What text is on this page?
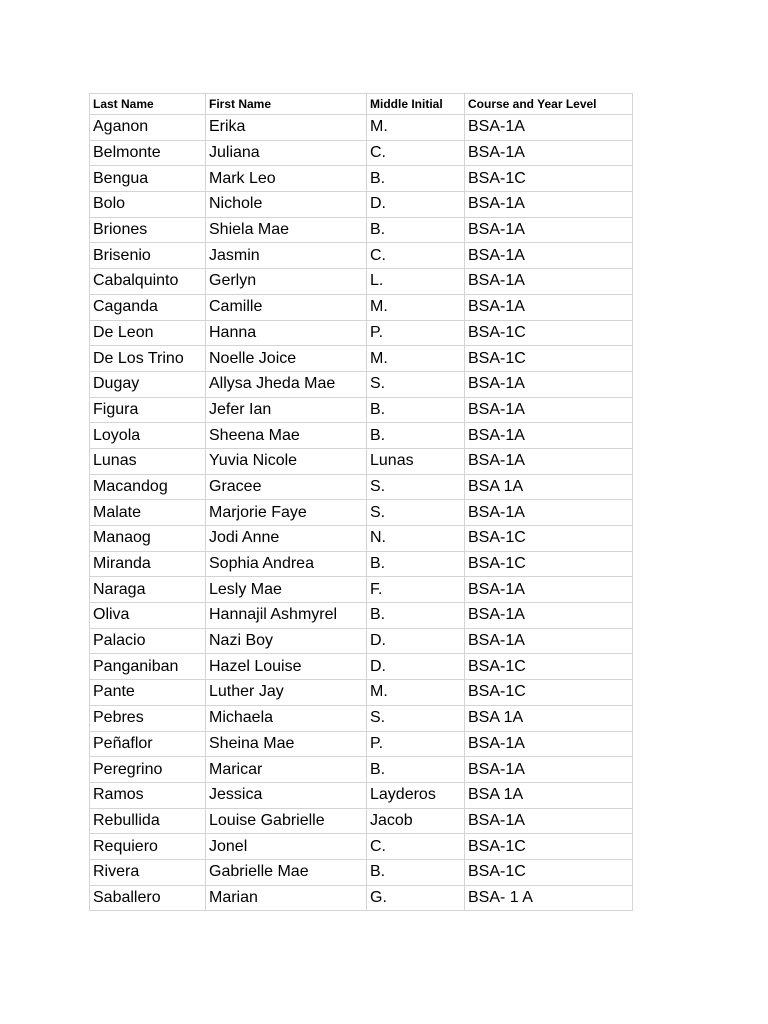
Last Name	First Name	Middle Initial	Course and Year Level
Aganon	Erika	M.	BSA-1A
Belmonte	Juliana	C.	BSA-1A
Bengua	Mark Leo	B.	BSA-1C
Bolo	Nichole	D.	BSA-1A
Briones	Shiela Mae	B.	BSA-1A
Brisenio	Jasmin	C.	BSA-1A
Cabalquinto	Gerlyn	L.	BSA-1A
Caganda	Camille	M.	BSA-1A
De Leon	Hanna	P.	BSA-1C
De Los Trino	Noelle Joice	M.	BSA-1C
Dugay	Allysa Jheda Mae	S.	BSA-1A
Figura	Jefer Ian	B.	BSA-1A
Loyola	Sheena Mae	B.	BSA-1A
Lunas	Yuvia Nicole	Lunas	BSA-1A
Macandog	Gracee	S.	BSA 1A
Malate	Marjorie Faye	S.	BSA-1A
Manaog	Jodi Anne	N.	BSA-1C
Miranda	Sophia Andrea	B.	BSA-1C
Naraga	Lesly Mae	F.	BSA-1A
Oliva	Hannajil Ashmyrel	B.	BSA-1A
Palacio	Nazi Boy	D.	BSA-1A
Panganiban	Hazel Louise	D.	BSA-1C
Pante	Luther Jay	M.	BSA-1C
Pebres	Michaela	S.	BSA 1A
Peñaflor	Sheina Mae	P.	BSA-1A
Peregrino	Maricar	B.	BSA-1A
Ramos	Jessica	Laydero​s	BSA 1A
Rebullida	Louise Gabrielle	Jacob	BSA-1A
Requiero	Jonel	C.	BSA-1C
Rivera	Gabrielle Mae	B.	BSA-1C
Saballero	Marian	G.	BSA- 1 A
